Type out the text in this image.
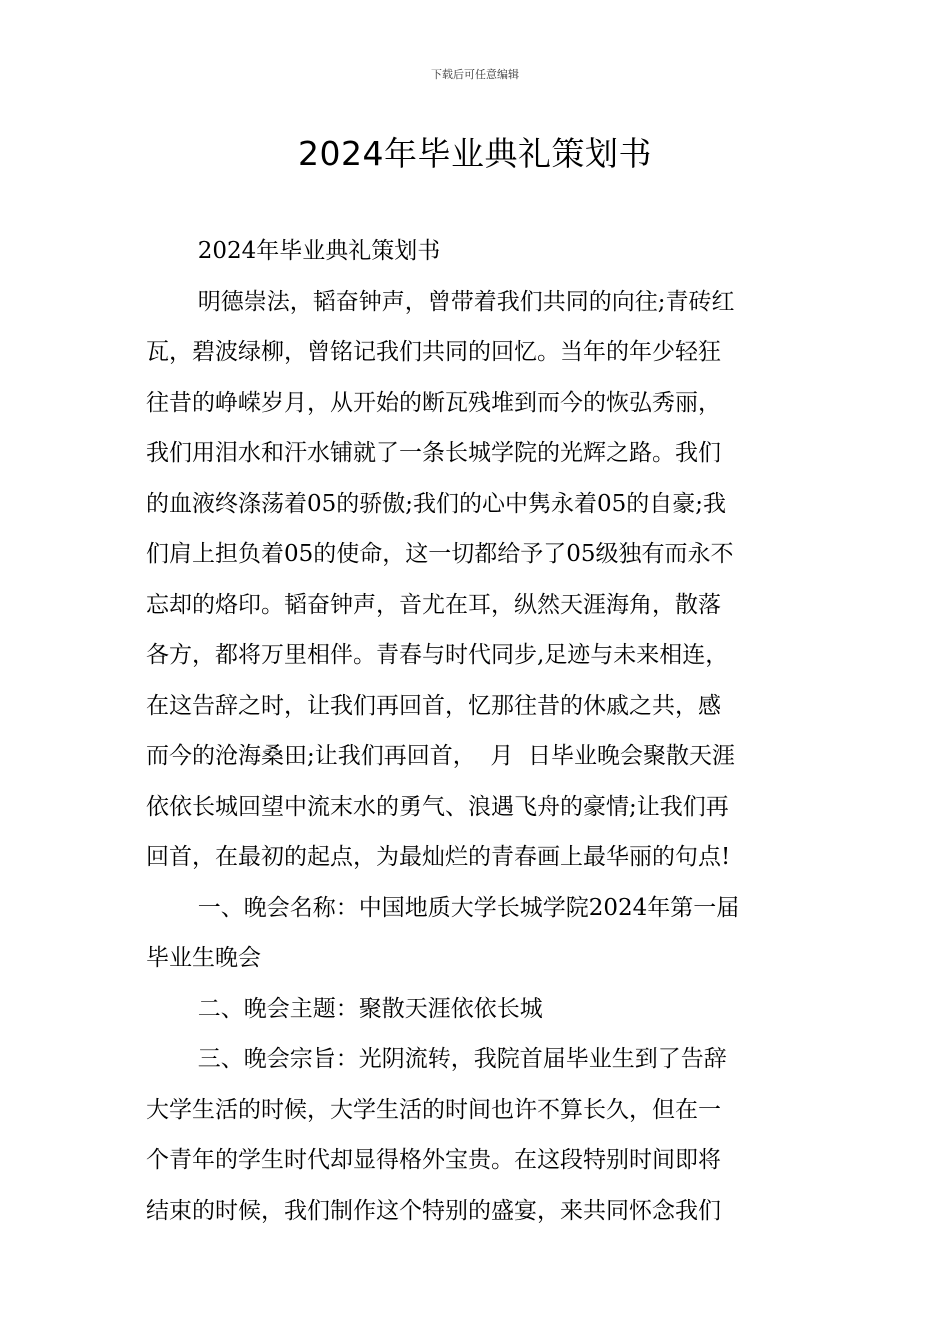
下载后可任意编辑
2024年毕业典礼策划书

2024年毕业典礼策划书

明德崇法，韬奋钟声，曾带着我们共同的向往;青砖红
瓦，碧波绿柳，曾铭记我们共同的回忆。当年的年少轻狂
往昔的峥嵘岁月，从开始的断瓦残堆到而今的恢弘秀丽，
我们用泪水和汗水铺就了一条长城学院的光辉之路。我们
的血液终涤荡着05的骄傲;我们的心中隽永着05的自豪;我
们肩上担负着05的使命，这一切都给予了05级独有而永不
忘却的烙印。韬奋钟声，音尤在耳，纵然天涯海角，散落
各方，都将万里相伴。青春与时代同步,足迹与未来相连，
在这告辞之时，让我们再回首，忆那往昔的休戚之共，感
而今的沧海桑田;让我们再回首，  月  日毕业晚会聚散天涯
依依长城回望中流末水的勇气、浪遇飞舟的豪情;让我们再
回首，在最初的起点，为最灿烂的青春画上最华丽的句点!

一、晚会名称：中国地质大学长城学院2024年第一届
毕业生晚会

二、晚会主题：聚散天涯依依长城

三、晚会宗旨：光阴流转，我院首届毕业生到了告辞
大学生活的时候，大学生活的时间也许不算长久，但在一
个青年的学生时代却显得格外宝贵。在这段特别时间即将
结束的时候，我们制作这个特别的盛宴，来共同怀念我们
